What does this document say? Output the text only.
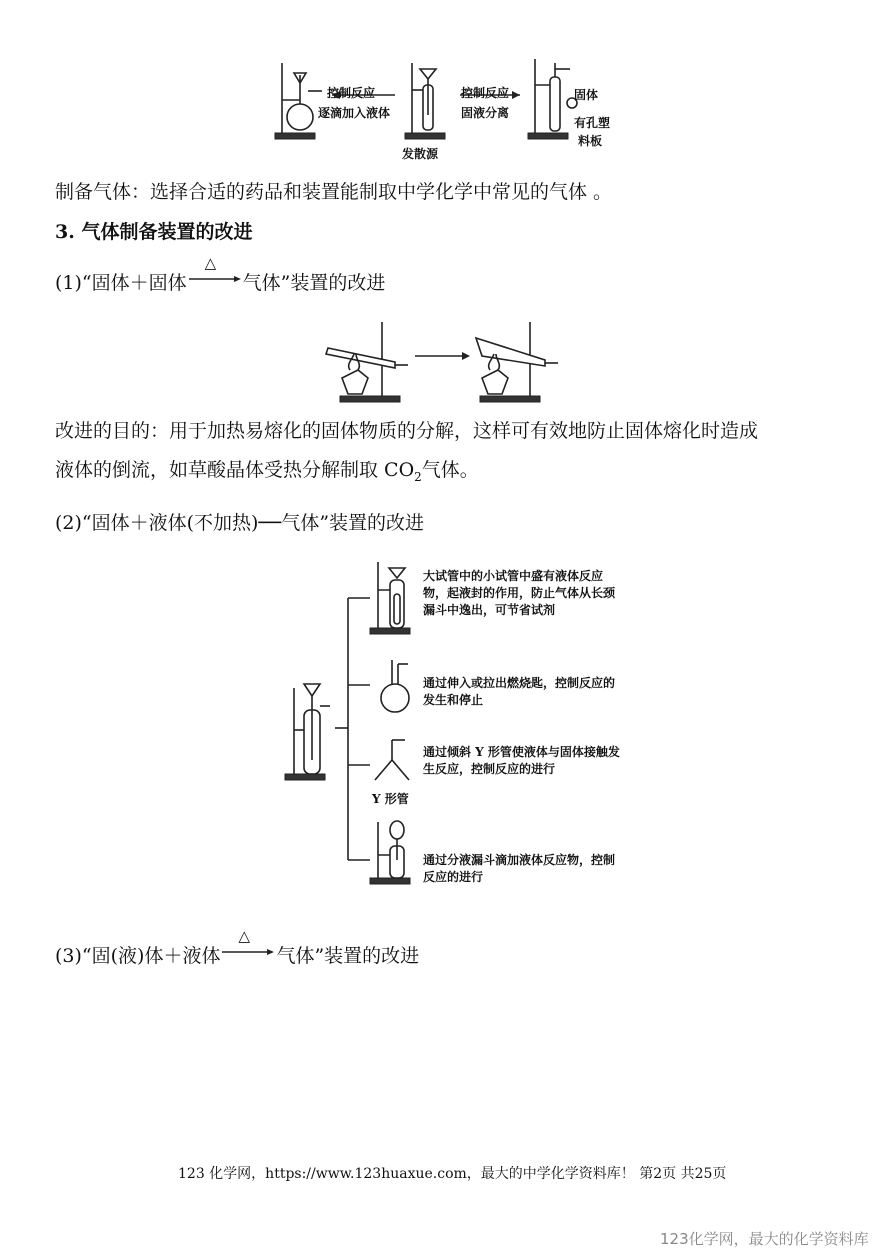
控制反应
逐滴加入液体
控制反应
固液分离
发散源
固体
有孔塑
料板
制备气体：选择合适的药品和装置能制取中学化学中常见的气体 。
3. 气体制备装置的改进
(1)“固体＋固体
△
气体”装置的改进
改进的目的：用于加热易熔化的固体物质的分解，这样可有效地防止固体熔化时造成
液体的倒流，如草酸晶体受热分解制取 $CO_2$气体。
(2)“固体＋液体(不加热)──气体”装置的改进
大试管中的小试管中盛有液体反应物，起液封的作用，防止气体从长颈漏斗中逸出，可节省试剂
通过伸入或拉出燃烧匙，控制反应的发生和停止
通过倾斜 Y 形管使液体与固体接触发生反应，控制反应的进行
通过分液漏斗滴加液体反应物，控制反应的进行
Y 形管
(3)“固(液)体＋液体
△
气体”装置的改进
123 化学网，https://www.123huaxue.com，最大的中学化学资料库！ 第2页 共25页
123化学网，最大的化学资料库
